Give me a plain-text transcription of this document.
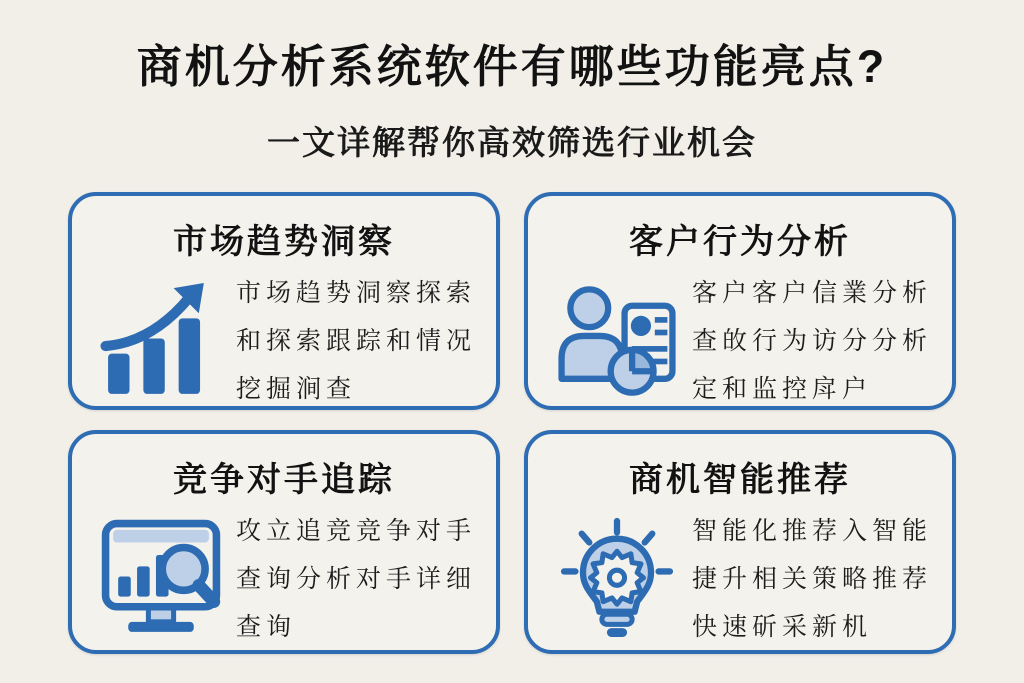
商机分析系统软件有哪些功能亮点?
一文详解帮你高效筛选行业机会
市场趋势洞察
市场趋势洞察探索
和探索跟踪和情况
挖掘涧查
客户行为分析
客户客户信業分析
查敀行为访分分析
定和监控戽户
竞争对手追踪
攻立追竞竞争对手
查询分析对手详细
查询
商机智能推荐
智能化推荐入智能
捷升相关策略推荐
快速斫采新机
